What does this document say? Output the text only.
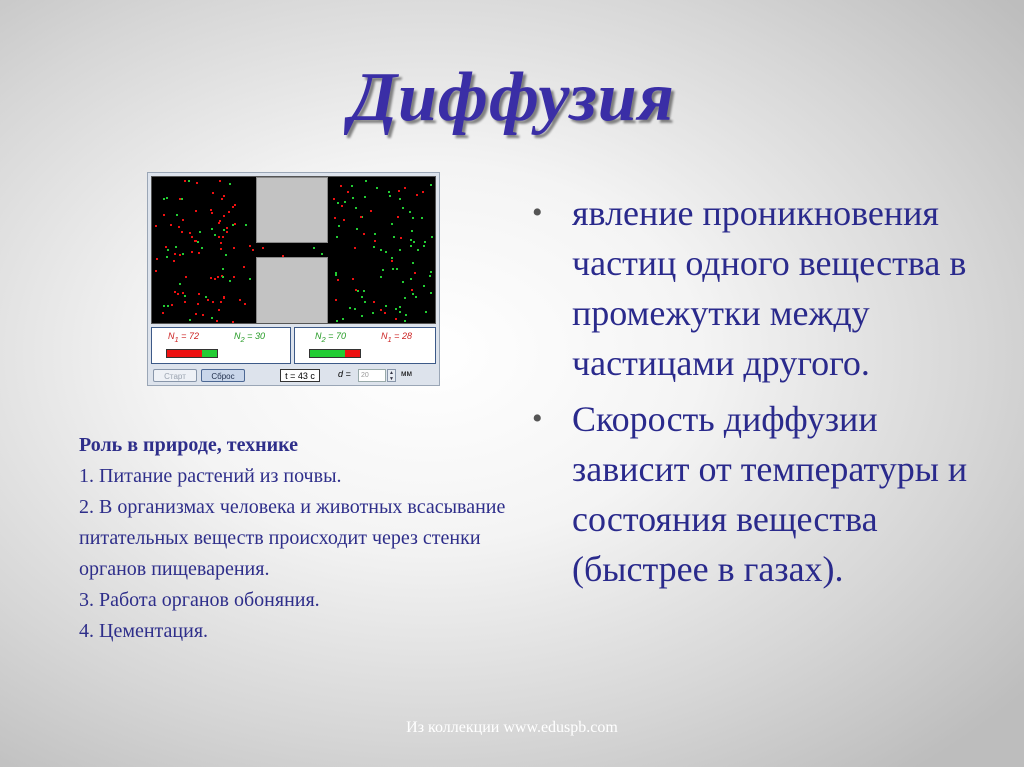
Диффузия
$N_1 = 72$	$N_2 = 30$	$N_2 = 70$	$N_1 = 28$
Старт	Сброс	t = 43 с	d =	20	▲
▼
мм
• явление проникновения частиц одного вещества в промежутки между частицами другого.
• Скорость диффузии зависит от температуры и состояния вещества (быстрее в газах).
Роль в природе, технике
1. Питание растений из почвы.
2. В организмах человека и животных всасывание питательных веществ происходит через стенки органов пищеварения.
3. Работа органов обоняния.
4. Цементация.
Из коллекции www.eduspb.com
